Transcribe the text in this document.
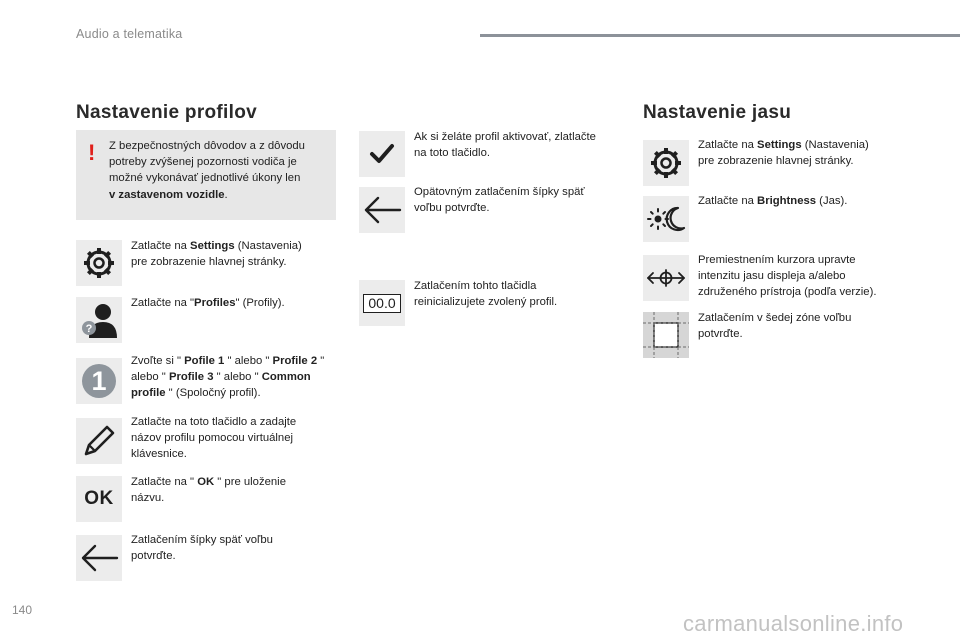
Audio a telematika
Nastavenie profilov
! Z bezpečnostných dôvodov a z dôvodu
potreby zvýšenej pozornosti vodiča je
možné vykonávať jednotlivé úkony len
v zastavenom vozidle.
Zatlačte na Settings (Nastavenia)
pre zobrazenie hlavnej stránky.
?
Zatlačte na "Profiles" (Profily).
1
Zvoľte si " Pofile 1 " alebo " Profile 2 "
alebo " Profile 3 " alebo " Common
profile " (Spoločný profil).
Zatlačte na toto tlačidlo a zadajte
názov profilu pomocou virtuálnej
klávesnice.
OK
Zatlačte na " OK " pre uloženie
názvu.
Zatlačením šípky späť voľbu
potvrďte.
Ak si želáte profil aktivovať, zlatlačte
na toto tlačidlo.
Opätovným zatlačením šípky späť
voľbu potvrďte.
00.0
Zatlačením tohto tlačidla
reinicializujete zvolený profil.
Nastavenie jasu
Zatlačte na Settings (Nastavenia)
pre zobrazenie hlavnej stránky.
Zatlačte na Brightness (Jas).
Premiestnením kurzora upravte
intenzitu jasu displeja a/alebo
združeného prístroja (podľa verzie).
Zatlačením v šedej zóne voľbu
potvrďte.
140
carmanualsonline.info
